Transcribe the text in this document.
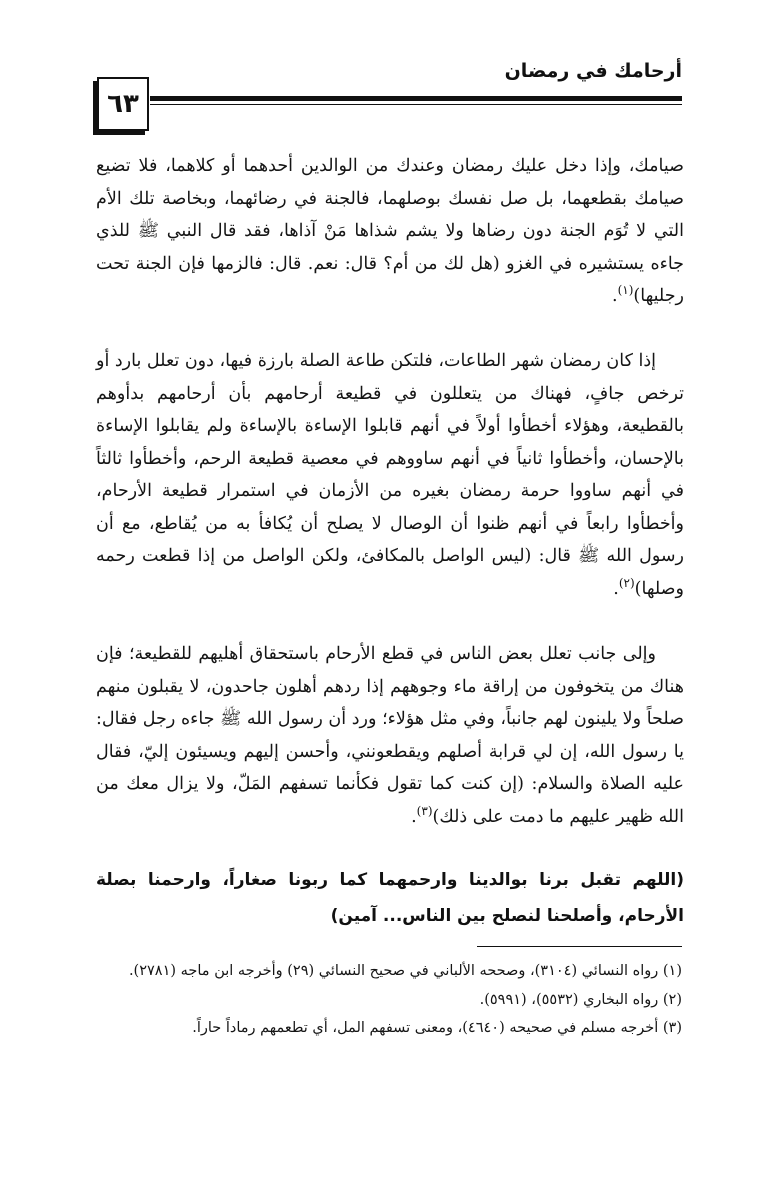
أرحامك في رمضان
٦٣

صيامك، وإذا دخل عليك رمضان وعندك من الوالدين أحدهما أو كلاهما، فلا تضيع صيامك بقطعهما، بل صل نفسك بوصلهما، فالجنة في رضائهما، وبخاصة تلك الأم التي لا تُوَم الجنة دون رضاها ولا يشم شذاها مَنْ آذاها، فقد قال النبي ﷺ للذي جاءه يستشيره في الغزو (هل لك من أم؟ قال: نعم. قال: فالزمها فإن الجنة تحت رجليها)$^{(١)}$.

إذا كان رمضان شهر الطاعات، فلتكن طاعة الصلة بارزة فيها، دون تعلل بارد أو ترخص جافٍ، فهناك من يتعللون في قطيعة أرحامهم بأن أرحامهم بدأوهم بالقطيعة، وهؤلاء أخطأوا أولاً في أنهم قابلوا الإساءة بالإساءة ولم يقابلوا الإساءة بالإحسان، وأخطأوا ثانياً في أنهم ساووهم في معصية قطيعة الرحم، وأخطأوا ثالثاً في أنهم ساووا حرمة رمضان بغيره من الأزمان في استمرار قطيعة الأرحام، وأخطأوا رابعاً في أنهم ظنوا أن الوصال لا يصلح أن يُكافأ به من يُقاطع، مع أن رسول الله ﷺ قال: (ليس الواصل بالمكافئ، ولكن الواصل من إذا قطعت رحمه وصلها)$^{(٢)}$.

وإلى جانب تعلل بعض الناس في قطع الأرحام باستحقاق أهليهم للقطيعة؛ فإن هناك من يتخوفون من إراقة ماء وجوههم إذا ردهم أهلون جاحدون، لا يقبلون منهم صلحاً ولا يلينون لهم جانباً، وفي مثل هؤلاء؛ ورد أن رسول الله ﷺ جاءه رجل فقال: يا رسول الله، إن لي قرابة أصلهم ويقطعونني، وأحسن إليهم ويسيئون إليّ، فقال عليه الصلاة والسلام: (إن كنت كما تقول فكأنما تسفهم المَلّ، ولا يزال معك من الله ظهير عليهم ما دمت على ذلك)$^{(٣)}$.

(اللهم تقبل برنا بوالدينا وارحمهما كما ربونا صغاراً، وارحمنا بصلة الأرحام، وأصلحنا لنصلح بين الناس... آمين)

(١) رواه النسائي (٣١٠٤)، وصححه الألباني في صحيح النسائي (٢٩) وأخرجه ابن ماجه (٢٧٨١).

(٢) رواه البخاري (٥٥٣٢)، (٥٩٩١).

(٣) أخرجه مسلم في صحيحه (٤٦٤٠)، ومعنى تسفهم المل، أي تطعمهم رماداً حاراً.
